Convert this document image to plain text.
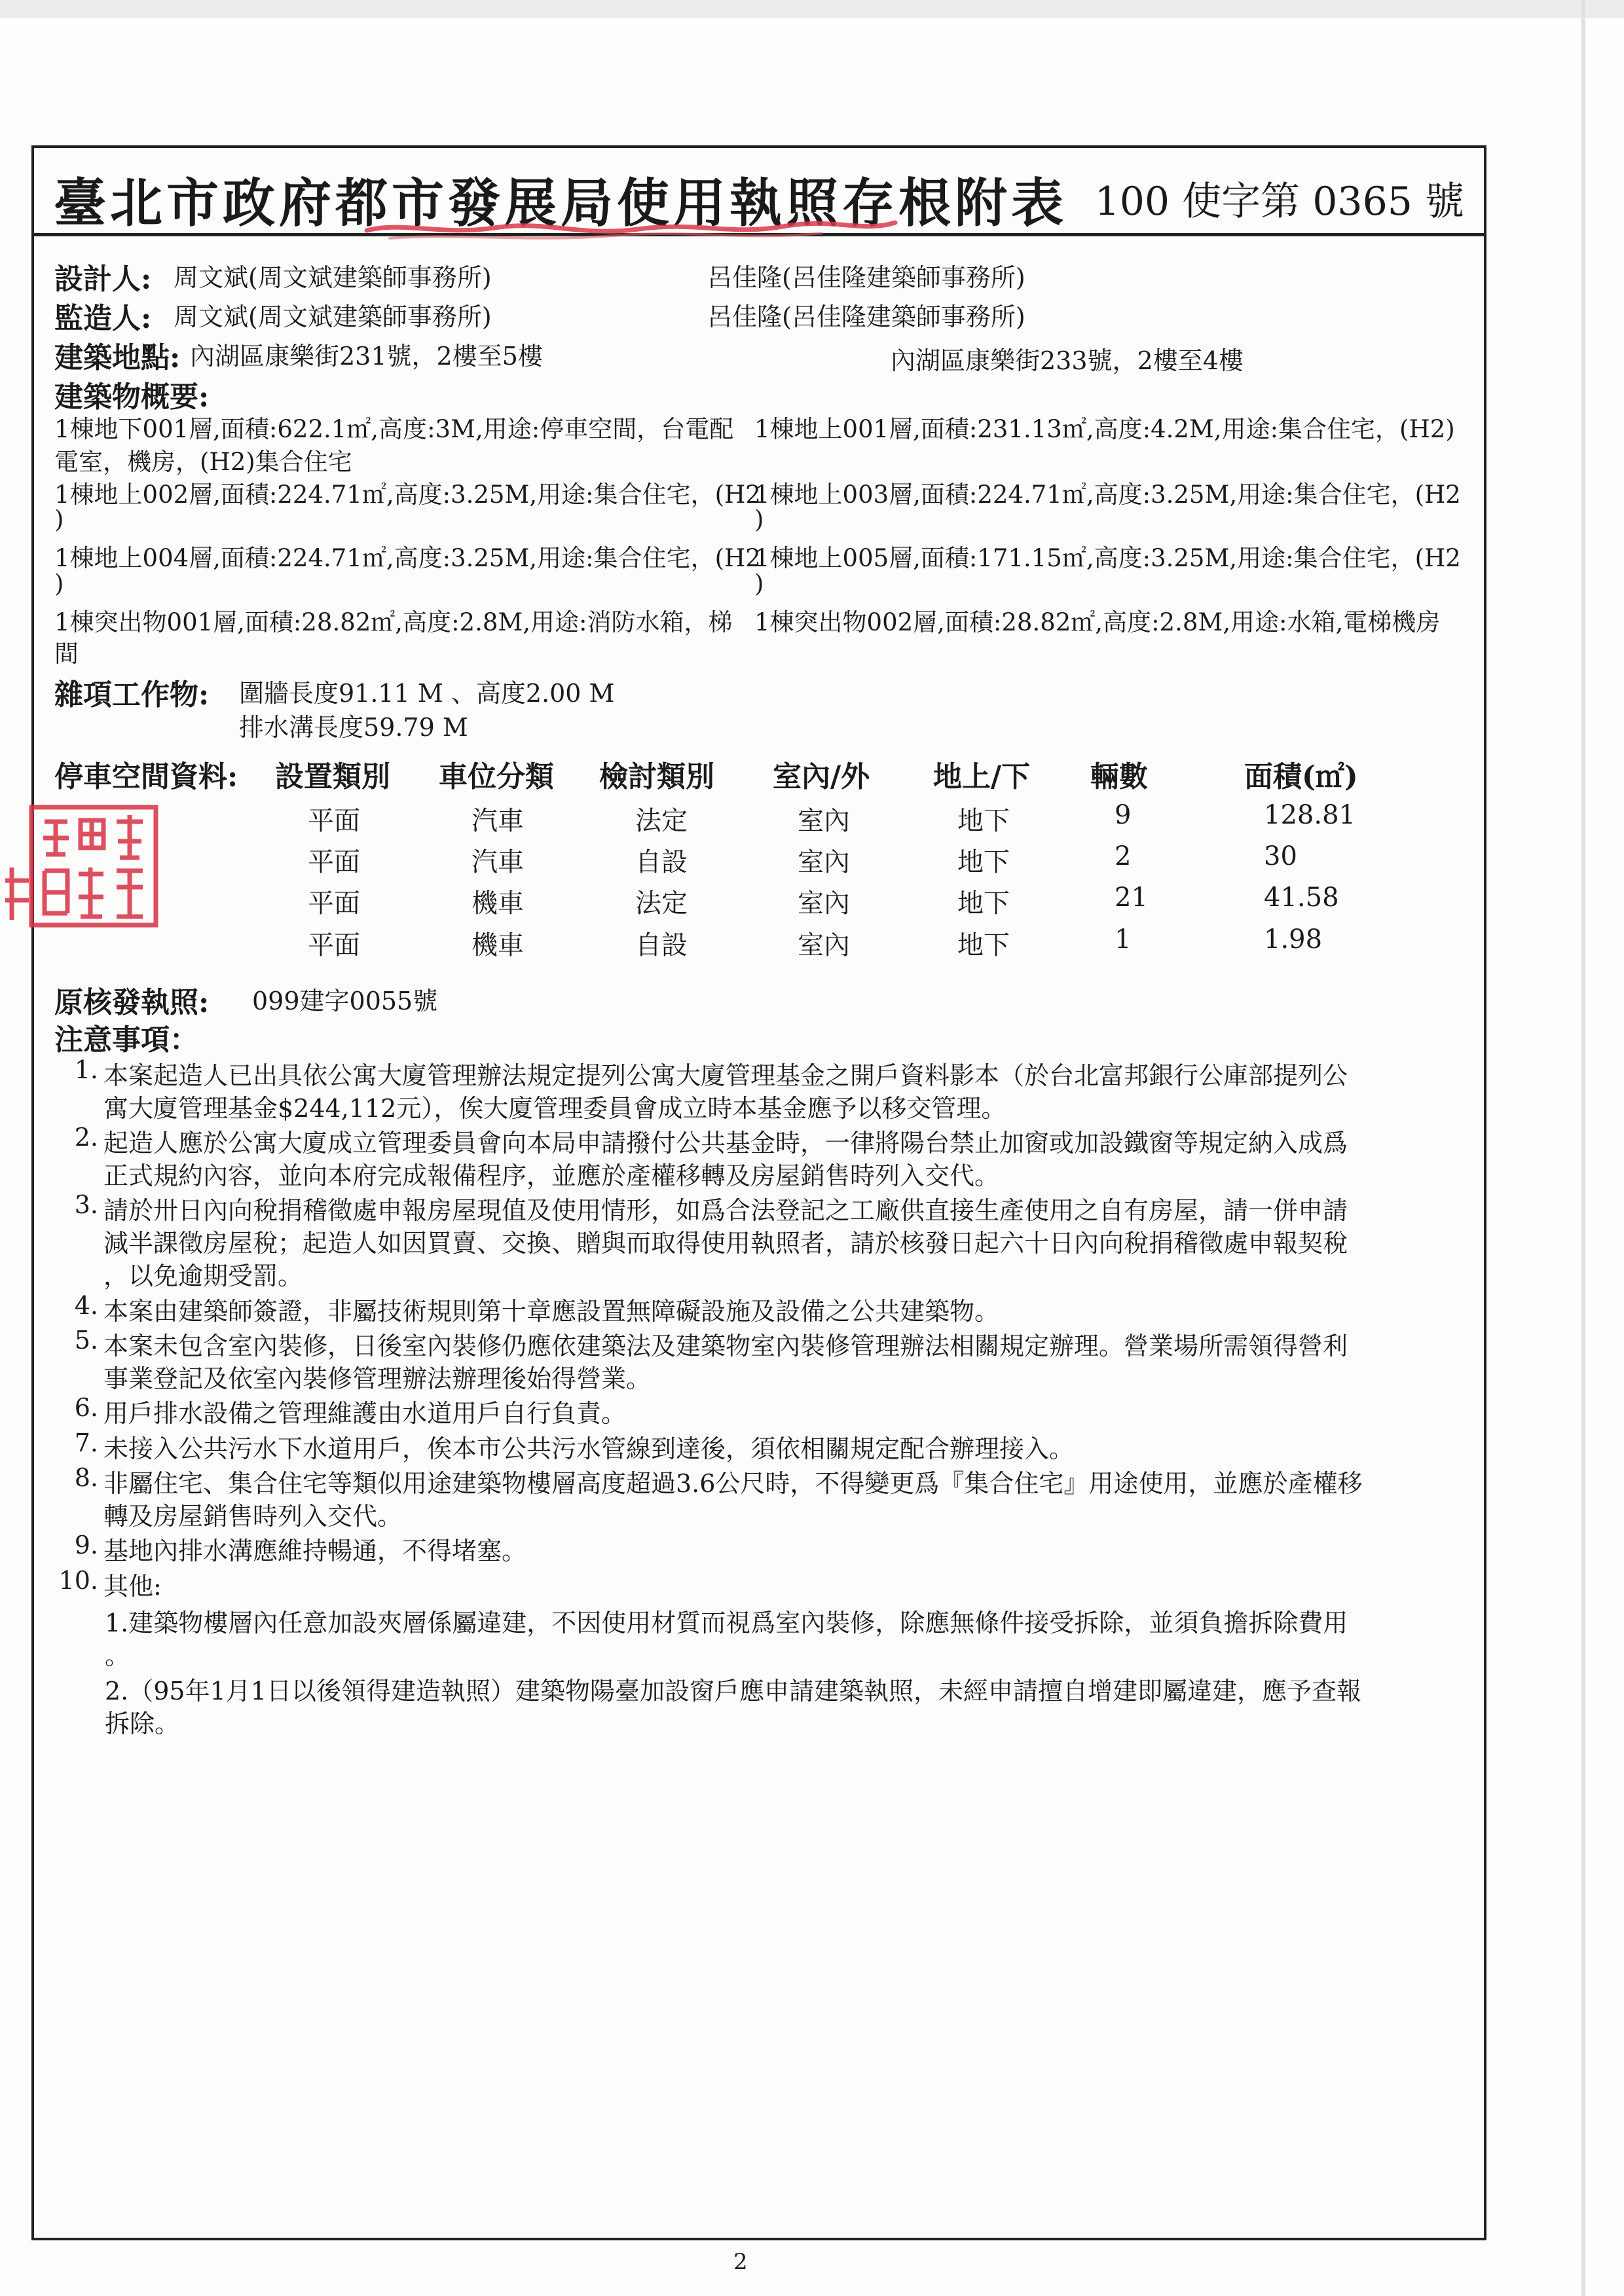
臺北市政府都市發展局使用執照存根附表 100 使字第 0365 號
設計人: 周文斌(周文斌建築師事務所)	呂佳隆(呂佳隆建築師事務所)
監造人: 周文斌(周文斌建築師事務所)	呂佳隆(呂佳隆建築師事務所)
建築地點: 內湖區康樂街231號，2樓至5樓	內湖區康樂街233號，2樓至4樓
建築物概要:
1棟地下001層,面積:622.1㎡,高度:3M,用途:停車空間，台電配 1棟地上001層,面積:231.13㎡,高度:4.2M,用途:集合住宅，(H2)
電室，機房，(H2)集合住宅
1棟地上002層,面積:224.71㎡,高度:3.25M,用途:集合住宅，(H2
1棟地上003層,面積:224.71㎡,高度:3.25M,用途:集合住宅，(H2
)	)
1棟地上004層,面積:224.71㎡,高度:3.25M,用途:集合住宅，(H2
1棟地上005層,面積:171.15㎡,高度:3.25M,用途:集合住宅，(H2
)	)
1棟突出物001層,面積:28.82㎡,高度:2.8M,用途:消防水箱，梯 1棟突出物002層,面積:28.82㎡,高度:2.8M,用途:水箱,電梯機房
間
雜項工作物: 圍牆長度91.11 M 、高度2.00 M
排水溝長度59.79 M
停車空間資料: 設置類別 車位分類 檢討類別 室內/外 地上/下 輛數	面積(㎡)
平面	汽車	法定	室內	地下	9	128.81
平面	汽車	自設	室內	地下	2	30
平面	機車	法定	室內	地下	21	41.58
平面	機車	自設	室內	地下	1	1.98
原核發執照: 099建字0055號
注意事項：
1. 本案起造人已出具依公寓大廈管理辦法規定提列公寓大廈管理基金之開戶資料影本（於台北富邦銀行公庫部提列公
寓大廈管理基金$244,112元），俟大廈管理委員會成立時本基金應予以移交管理。
2. 起造人應於公寓大廈成立管理委員會向本局申請撥付公共基金時，一律將陽台禁止加窗或加設鐵窗等規定納入成爲
正式規約內容，並向本府完成報備程序，並應於產權移轉及房屋銷售時列入交代。
3. 請於卅日內向稅捐稽徵處申報房屋現值及使用情形，如爲合法登記之工廠供直接生產使用之自有房屋，請一併申請
減半課徵房屋稅；起造人如因買賣、交換、贈與而取得使用執照者，請於核發日起六十日內向稅捐稽徵處申報契稅
，以免逾期受罰。
4. 本案由建築師簽證，非屬技術規則第十章應設置無障礙設施及設備之公共建築物。
5. 本案未包含室內裝修，日後室內裝修仍應依建築法及建築物室內裝修管理辦法相關規定辦理。營業場所需領得營利
事業登記及依室內裝修管理辦法辦理後始得營業。
6. 用戶排水設備之管理維護由水道用戶自行負責。
7. 未接入公共污水下水道用戶，俟本市公共污水管線到達後，須依相關規定配合辦理接入。
8. 非屬住宅、集合住宅等類似用途建築物樓層高度超過3.6公尺時，不得變更爲『集合住宅』用途使用，並應於產權移
轉及房屋銷售時列入交代。
9. 基地內排水溝應維持暢通，不得堵塞。
10. 其他:
1.建築物樓層內任意加設夾層係屬違建，不因使用材質而視爲室內裝修，除應無條件接受拆除，並須負擔拆除費用
。
2.（95年1月1日以後領得建造執照）建築物陽臺加設窗戶應申請建築執照，未經申請擅自增建即屬違建，應予查報
拆除。
2
